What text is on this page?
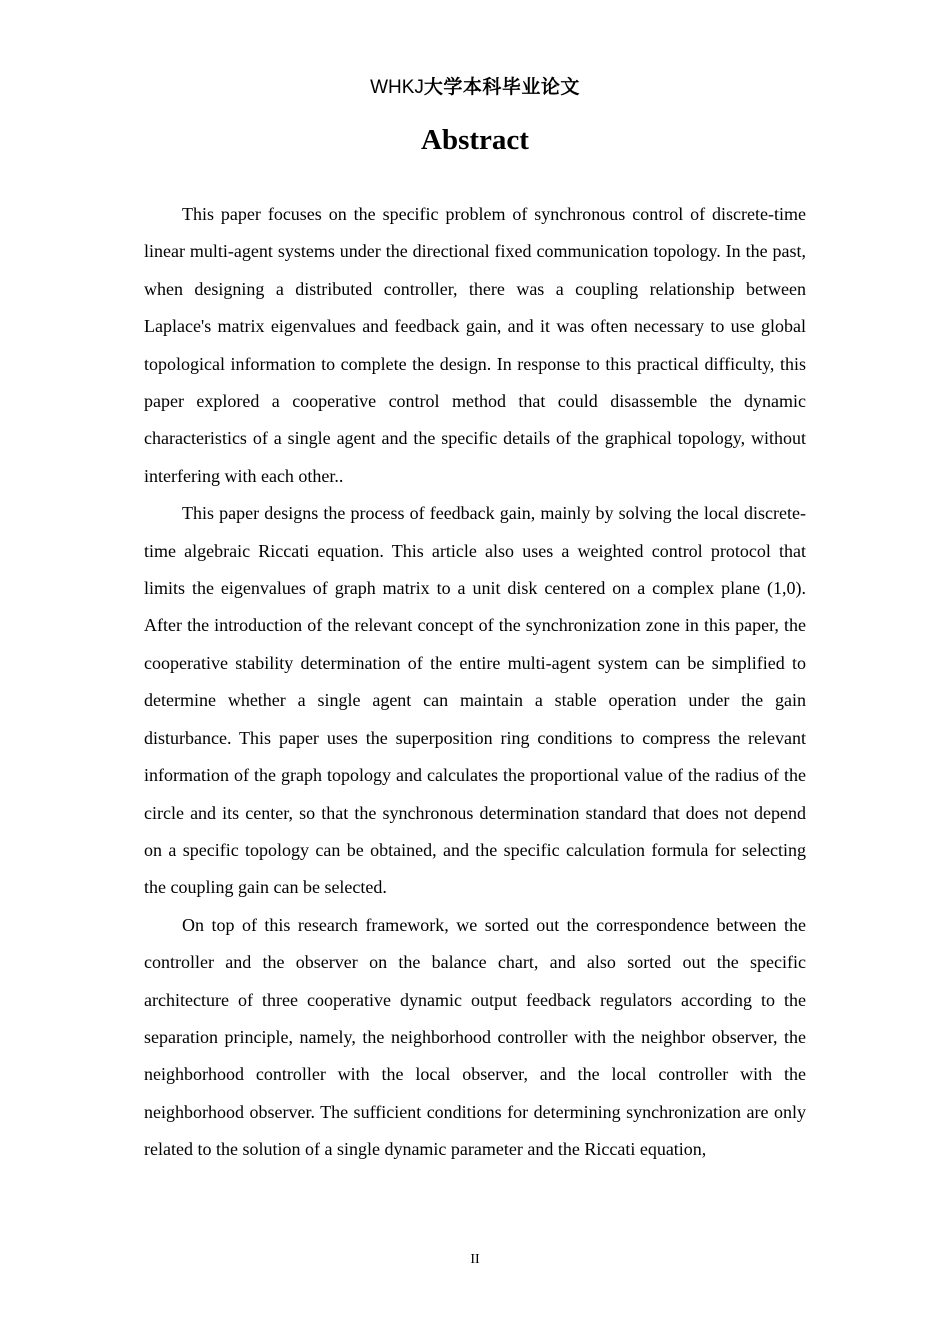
WHKJ大学本科毕业论文
Abstract

This paper focuses on the specific problem of synchronous control of discrete-time linear multi-agent systems under the directional fixed communication topology. In the past, when designing a distributed controller, there was a coupling relationship between Laplace's matrix eigenvalues and feedback gain, and it was often necessary to use global topological information to complete the design. In response to this practical difficulty, this paper explored a cooperative control method that could disassemble the dynamic characteristics of a single agent and the specific details of the graphical topology, without interfering with each other..

This paper designs the process of feedback gain, mainly by solving the local discrete-time algebraic Riccati equation. This article also uses a weighted control protocol that limits the eigenvalues of graph matrix to a unit disk centered on a complex plane (1,0). After the introduction of the relevant concept of the synchronization zone in this paper, the cooperative stability determination of the entire multi-agent system can be simplified to determine whether a single agent can maintain a stable operation under the gain disturbance. This paper uses the superposition ring conditions to compress the relevant information of the graph topology and calculates the proportional value of the radius of the circle and its center, so that the synchronous determination standard that does not depend on a specific topology can be obtained, and the specific calculation formula for selecting the coupling gain can be selected.

On top of this research framework, we sorted out the correspondence between the controller and the observer on the balance chart, and also sorted out the specific architecture of three cooperative dynamic output feedback regulators according to the separation principle, namely, the neighborhood controller with the neighbor observer, the neighborhood controller with the local observer, and the local controller with the neighborhood observer. The sufficient conditions for determining synchronization are only related to the solution of a single dynamic parameter and the Riccati equation,

II
